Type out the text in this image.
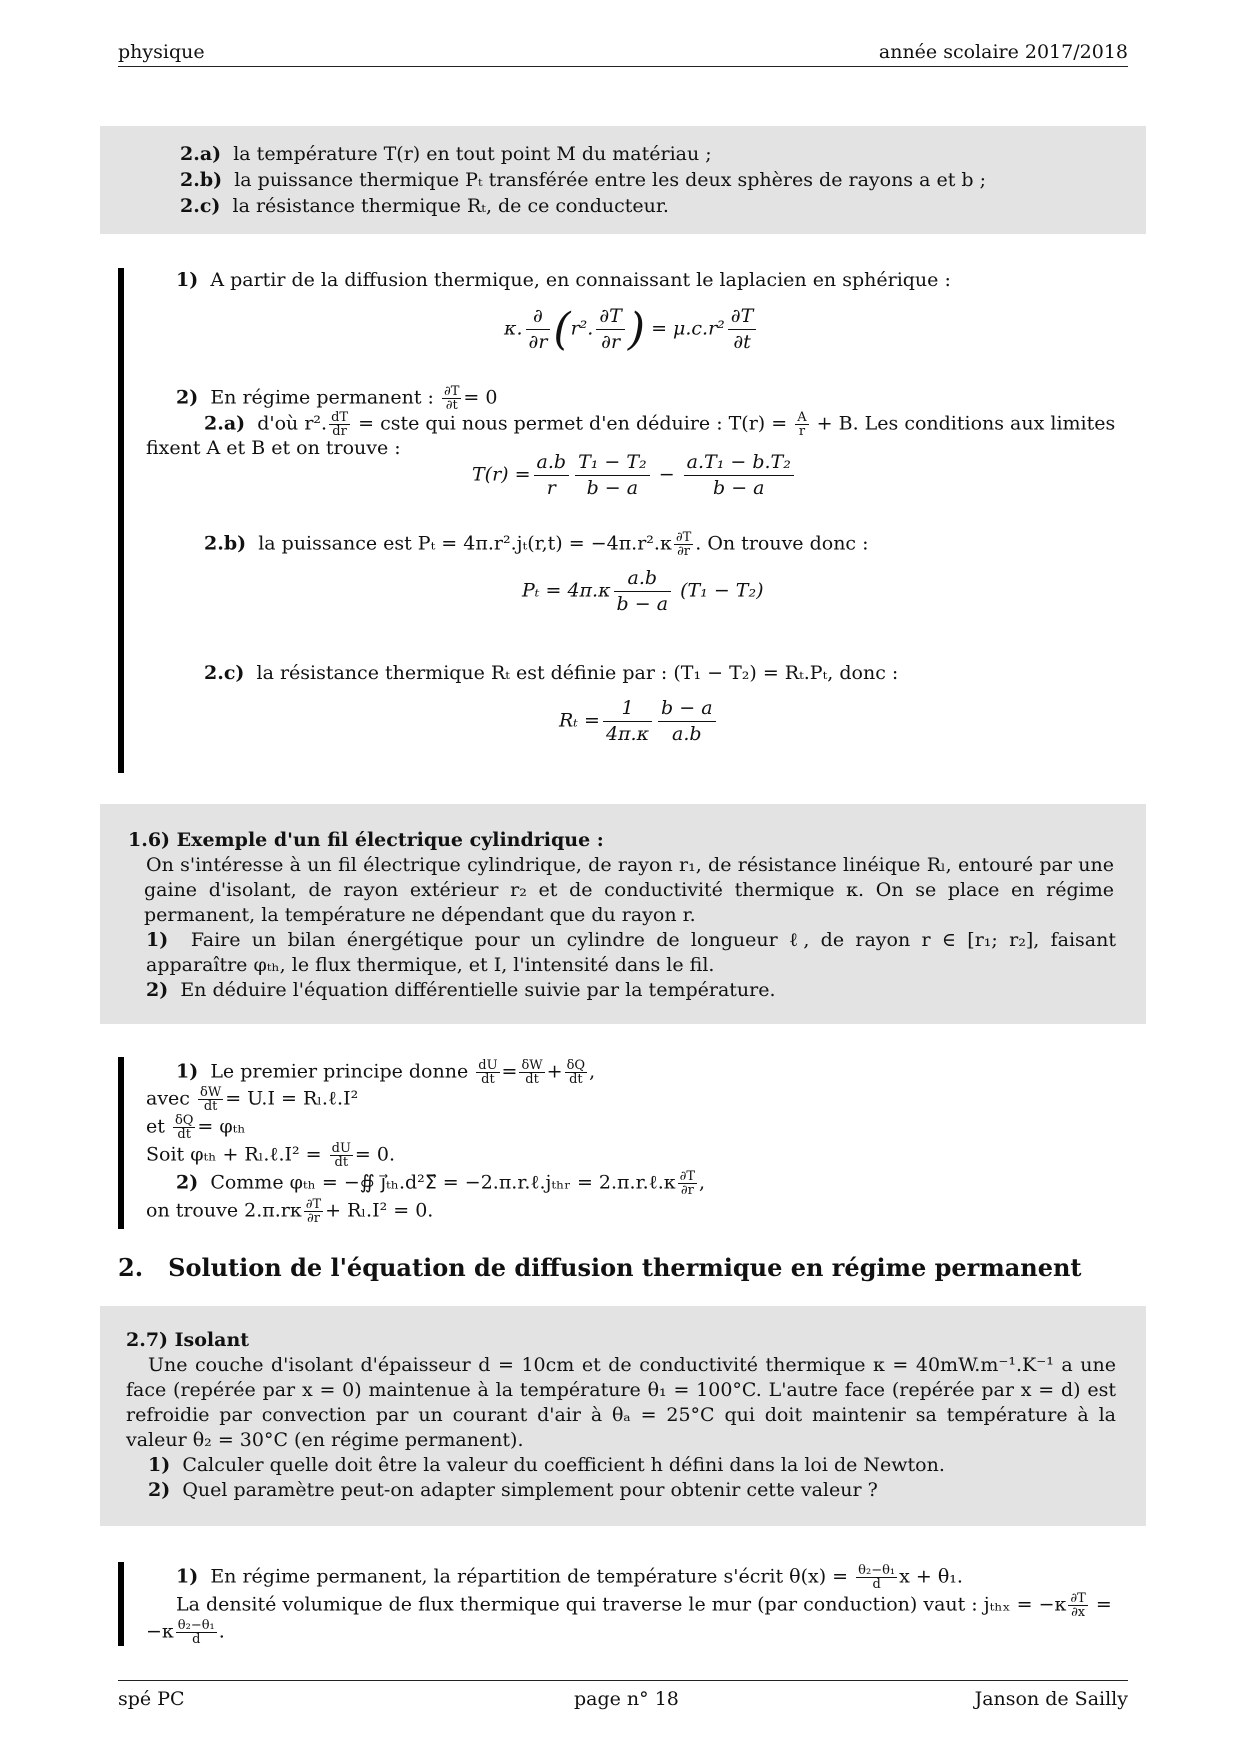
physique	année scolaire 2017/2018
2.a) la température T(r) en tout point M du matériau ;
2.b) la puissance thermique Pₜ transférée entre les deux sphères de rayons a et b ;
2.c) la résistance thermique Rₜ, de ce conducteur.
1) A partir de la diffusion thermique, en connaissant le laplacien en sphérique :
κ. $\frac{\partial}{\partial r} (r^2$. $\frac{\partial T}{\partial r}$ ) = $\mu.c.r^2 \frac{\partial T}{\partial t}$
2) En régime permanent : $\frac{\partial T}{\partial t} = 0$
2.a) d'où r². $\frac{dT}{dr}$ = cste qui nous permet d'en déduire : $T(r) = \frac{A}{r} + B$. Les conditions aux limites
fixent A et B et on trouve :
$T(r) = \frac{a.b}{r} \frac{\text{T₁ − T₂}}{b - a} - \frac{\text{a.T₁ − b.T₂}}{b - a}$
2.b) la puissance est $P_t = 4\pi.r^2.j_t(r,t) = -4\pi.r^2.\kappa \frac{\partial T}{\partial r}$ . On trouve donc :
$P_t = 4\pi.\kappa \frac{a.b}{b - a} (T_1 - T_2)$
2.c) la résistance thermique Rₜ est définie par : (T₁ − T₂) = Rₜ.Pₜ, donc :
$R_t = \frac{1}{4\pi.\kappa} \frac{b - a}{a.b}$
1.6) Exemple d'un fil électrique cylindrique :
On s'intéresse à un fil électrique cylindrique, de rayon r₁, de résistance linéique Rₗ, entouré par une gaine d'isolant, de rayon extérieur r₂ et de conductivité thermique κ. On se place en régime permanent, la température ne dépendant que du rayon r.
1) Faire un bilan énergétique pour un cylindre de longueur ℓ, de rayon r ∈ [r₁; r₂], faisant apparaître φₜₕ, le flux thermique, et I, l'intensité dans le fil.
2) En déduire l'équation différentielle suivie par la température.
1) Le premier principe donne $\frac{dU}{dt} = \frac{\delta W}{dt} + \frac{\delta Q}{dt}$ ,
avec $\frac{\delta W}{dt} = U.I$ = Rₗ.ℓ.I²
et $\frac{\delta Q}{dt} = \varphi_{th}$
Soit φₜₕ + Rₗ.ℓ.I² = $\frac{dU}{dt} = 0$.
2) Comme φₜₕ = −∯ j⃗ₜₕ.d²Σ⃗ = −2.π.r.ℓ.jₜₕᵣ = 2.π.r.ℓ.κ $\frac{\partial T}{\partial r}$ ,
on trouve $2.\pi.r\kappa \frac{\partial T}{\partial r} + R_l.I^2 = 0$.
2. Solution de l'équation de diffusion thermique en régime permanent
2.7) Isolant
Une couche d'isolant d'épaisseur d = 10cm et de conductivité thermique κ = 40mW.m⁻¹.K⁻¹ a une face (repérée par x = 0) maintenue à la température θ₁ = 100°C. L'autre face (repérée par x = d) est refroidie par convection par un courant d'air à θₐ = 25°C qui doit maintenir sa température à la valeur θ₂ = 30°C (en régime permanent).
1) Calculer quelle doit être la valeur du coefficient h défini dans la loi de Newton.
2) Quel paramètre peut-on adapter simplement pour obtenir cette valeur ?
1) En régime permanent, la répartition de température s'écrit $\theta(x) = \frac{\text{θ₂−θ₁}}{d}$ x + θ₁.
La densité volumique de flux thermique qui traverse le mur (par conduction) vaut : $j_{thx} = -\kappa \frac{\partial T}{\partial x}$ =
$-\kappa \frac{\text{θ₂−θ₁}}{d}$ .
spé PC	page n° 18	Janson de Sailly
